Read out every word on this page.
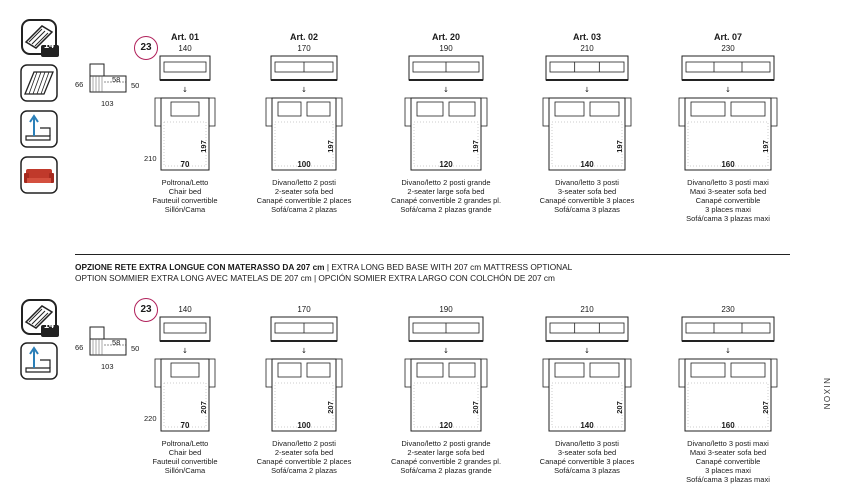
14
14
66
58
50
103
23
210
Art. 01
140
↓
197
70
Poltrona/Letto
Chair bed
Fauteuil convertible
Sillón/Cama
Art. 02
170
↓
197
100
Divano/letto 2 posti
2-seater sofa bed
Canapé convertible 2 places
Sofá/cama 2 plazas
Art. 20
190
↓
197
120
Divano/letto 2 posti grande
2-seater large sofa bed
Canapé convertible 2 grandes pl.
Sofá/cama 2 plazas grande
Art. 03
210
↓
197
140
Divano/letto 3 posti
3-seater sofa bed
Canapé convertible 3 places
Sofá/cama 3 plazas
Art. 07
230
↓
197
160
Divano/letto 3 posti maxi
Maxi 3-seater sofa bed
Canapé convertible
3 places maxi
Sofá/cama 3 plazas maxi
OPZIONE RETE EXTRA LONGUE CON MATERASSO DA 207 cm | EXTRA LONG BED BASE WITH 207 cm MATTRESS OPTIONAL
OPTION SOMMIER EXTRA LONG AVEC MATELAS DE 207 cm | OPCIÓN SOMIER EXTRA LARGO CON COLCHÓN DE 207 cm
66
58
50
103
23
220
140
↓
207
70
Poltrona/Letto
Chair bed
Fauteuil convertible
Sillón/Cama
170
↓
207
100
Divano/letto 2 posti
2-seater sofa bed
Canapé convertible 2 places
Sofá/cama 2 plazas
190
↓
207
120
Divano/letto 2 posti grande
2-seater large sofa bed
Canapé convertible 2 grandes pl.
Sofá/cama 2 plazas grande
210
↓
207
140
Divano/letto 3 posti
3-seater sofa bed
Canapé convertible 3 places
Sofá/cama 3 plazas
230
↓
207
160
Divano/letto 3 posti maxi
Maxi 3-seater sofa bed
Canapé convertible
3 places maxi
Sofá/cama 3 plazas maxi
NIXON
